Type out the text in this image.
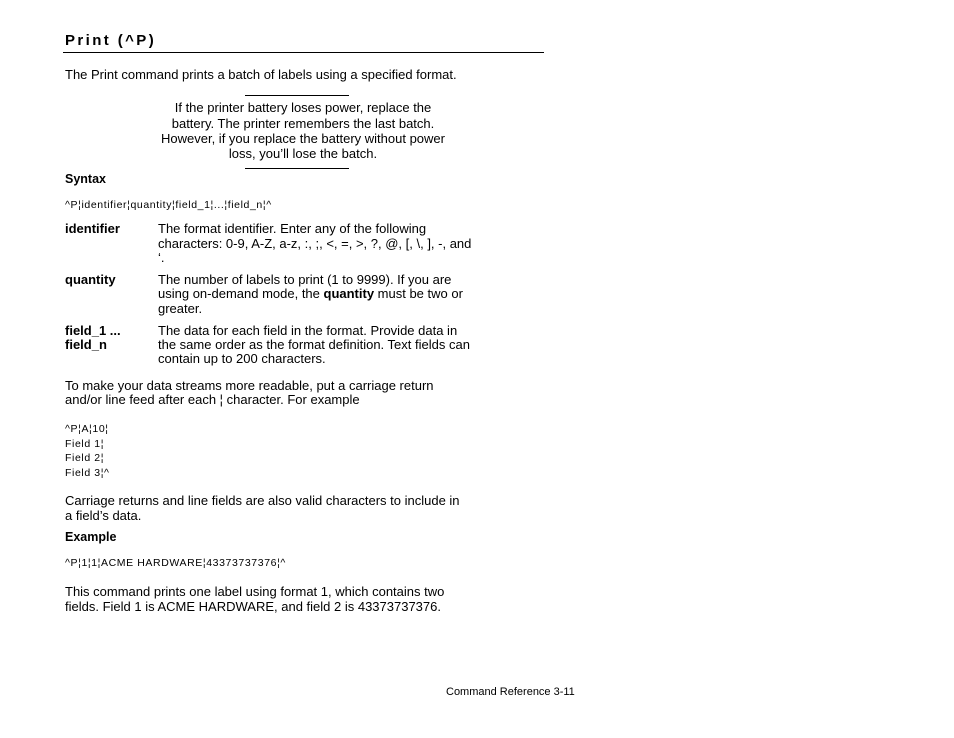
Print (^P)

The Print command prints a batch of labels using a specified format.

If the printer battery loses power, replace the

battery. The printer remembers the last batch.

However, if you replace the battery without power

loss, you’ll lose the batch.

Syntax

^P¦identifier¦quantity¦field_1¦...¦field_n¦^

identifier	The format identifier. Enter any of the following

characters: 0-9, A-Z, a-z, :, ;, <, =, >, ?, @, [, \, ], -, and

‘.

quantity	The number of labels to print (1 to 9999). If you are

using on-demand mode, the quantity must be two or

greater.

field_1 ...

field_n

The data for each field in the format. Provide data in

the same order as the format definition. Text fields can

contain up to 200 characters.

To make your data streams more readable, put a carriage return

and/or line feed after each ¦ character. For example

^P¦A¦10¦

Field 1¦

Field 2¦

Field 3¦^

Carriage returns and line fields are also valid characters to include in

a field’s data.

Example

^P¦1¦1¦ACME HARDWARE¦43373737376¦^

This command prints one label using format 1, which contains two

fields. Field 1 is ACME HARDWARE, and field 2 is 43373737376.

Command Reference 3-11
